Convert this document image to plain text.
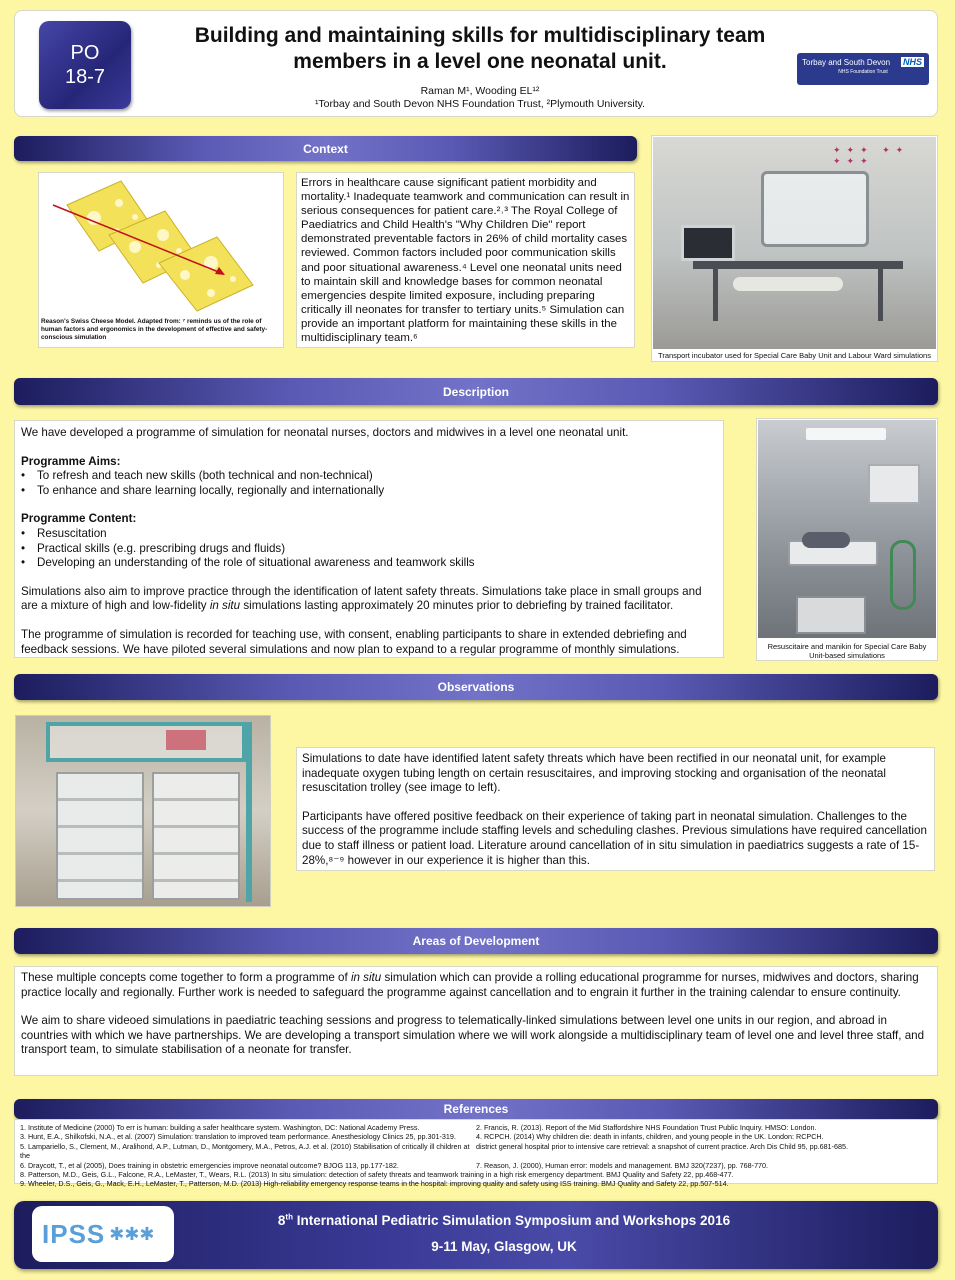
PO
18-7
Building and maintaining skills for multidisciplinary team
members in a level one neonatal unit.
Raman M¹, Wooding EL¹²
¹Torbay and South Devon NHS Foundation Trust, ²Plymouth University.
Torbay and South Devon NHS
NHS Foundation Trust
Context
Reason's Swiss Cheese Model. Adapted from: ⁷ reminds us of the role of human factors and ergonomics in the development of effective and safety-conscious simulation
Errors in healthcare cause significant patient morbidity and mortality.¹ Inadequate teamwork and communication can result in serious consequences for patient care.²˒³ The Royal College of Paediatrics and Child Health's "Why Children Die" report demonstrated preventable factors in 26% of child mortality cases reviewed. Common factors included poor communication skills and poor situational awareness.⁴ Level one neonatal units need to maintain skill and knowledge bases for common neonatal emergencies despite limited exposure, including preparing critically ill neonates for transfer to tertiary units.⁵ Simulation can provide an important platform for maintaining these skills in the multidisciplinary team.⁶
✦✦✦ ✦✦ ✦✦✦
Transport incubator used for Special Care Baby Unit and Labour Ward simulations
Description

We have developed a programme of simulation for neonatal nurses, doctors and midwives in a level one neonatal unit.

Programme Aims:
• To refresh and teach new skills (both technical and non-technical)
• To enhance and share learning locally, regionally and internationally
Programme Content:
• Resuscitation
• Practical skills (e.g. prescribing drugs and fluids)
• Developing an understanding of the role of situational awareness and teamwork skills

Simulations also aim to improve practice through the identification of latent safety threats. Simulations take place in small groups and are a mixture of high and low-fidelity in situ simulations lasting approximately 20 minutes prior to debriefing by trained facilitator.

The programme of simulation is recorded for teaching use, with consent, enabling participants to share in extended debriefing and feedback sessions. We have piloted several simulations and now plan to expand to a regular programme of monthly simulations.	Resuscitaire and manikin for Special Care Baby Unit-based simulations
Observations

Simulations to date have identified latent safety threats which have been rectified in our neonatal unit, for example inadequate oxygen tubing length on certain resuscitaires, and improving stocking and organisation of the neonatal resuscitation trolley (see image to left).

Participants have offered positive feedback on their experience of taking part in neonatal simulation. Challenges to the success of the programme include staffing levels and scheduling clashes. Previous simulations have required cancellation due to staff illness or patient load. Literature around cancellation of in situ simulation in paediatrics suggests a rate of 15-28%,⁸⁻⁹ however in our experience it is higher than this.

Areas of Development

These multiple concepts come together to form a programme of in situ simulation which can provide a rolling educational programme for nurses, midwives and doctors, sharing practice locally and regionally. Further work is needed to safeguard the programme against cancellation and to engrain it further in the training calendar to ensure continuity.

We aim to share videoed simulations in paediatric teaching sessions and progress to telematically-linked simulations between level one units in our region, and abroad in countries with which we have partnerships. We are developing a transport simulation where we will work alongside a multidisciplinary team of level one and level three staff, and transport team, to simulate stabilisation of a neonate for transfer.

References
1. Institute of Medicine (2000) To err is human: building a safer healthcare system. Washington, DC: National Academy Press.	2. Francis, R. (2013). Report of the Mid Staffordshire NHS Foundation Trust Public Inquiry. HMSO: London.
3. Hunt, E.A., Shilkofski, N.A., et al. (2007) Simulation: translation to improved team performance. Anesthesiology Clinics 25, pp.301-319.	4. RCPCH. (2014) Why children die: death in infants, children, and young people in the UK. London: RCPCH.
5. Lampariello, S., Clement, M., Aralihond, A.P., Lutman, D., Montgomery, M.A., Petros, A.J. et al. (2010) Stabilisation of critically ill children at the
district general hospital prior to intensive care retrieval: a snapshot of current practice. Arch Dis Child 95, pp.681-685.
6. Draycott, T., et al (2005), Does training in obstetric emergencies improve neonatal outcome? BJOG 113, pp.177-182.	7. Reason, J. (2000), Human error: models and management. BMJ 320(7237), pp. 768-770.
8. Patterson, M.D., Geis, G.L., Falcone, R.A., LeMaster, T., Wears, R.L. (2013) In situ simulation: detection of safety threats and teamwork training in a high risk emergency department. BMJ Quality and Safety 22, pp.468-477.
9. Wheeler, D.S., Geis, G., Mack, E.H., LeMaster, T., Patterson, M.D. (2013) High-reliability emergency response teams in the hospital: improving quality and safety using ISS training. BMJ Quality and Safety 22, pp.507-514.
IPSS ✱✱✱
8th International Pediatric Simulation Symposium and Workshops 2016
9-11 May, Glasgow, UK
